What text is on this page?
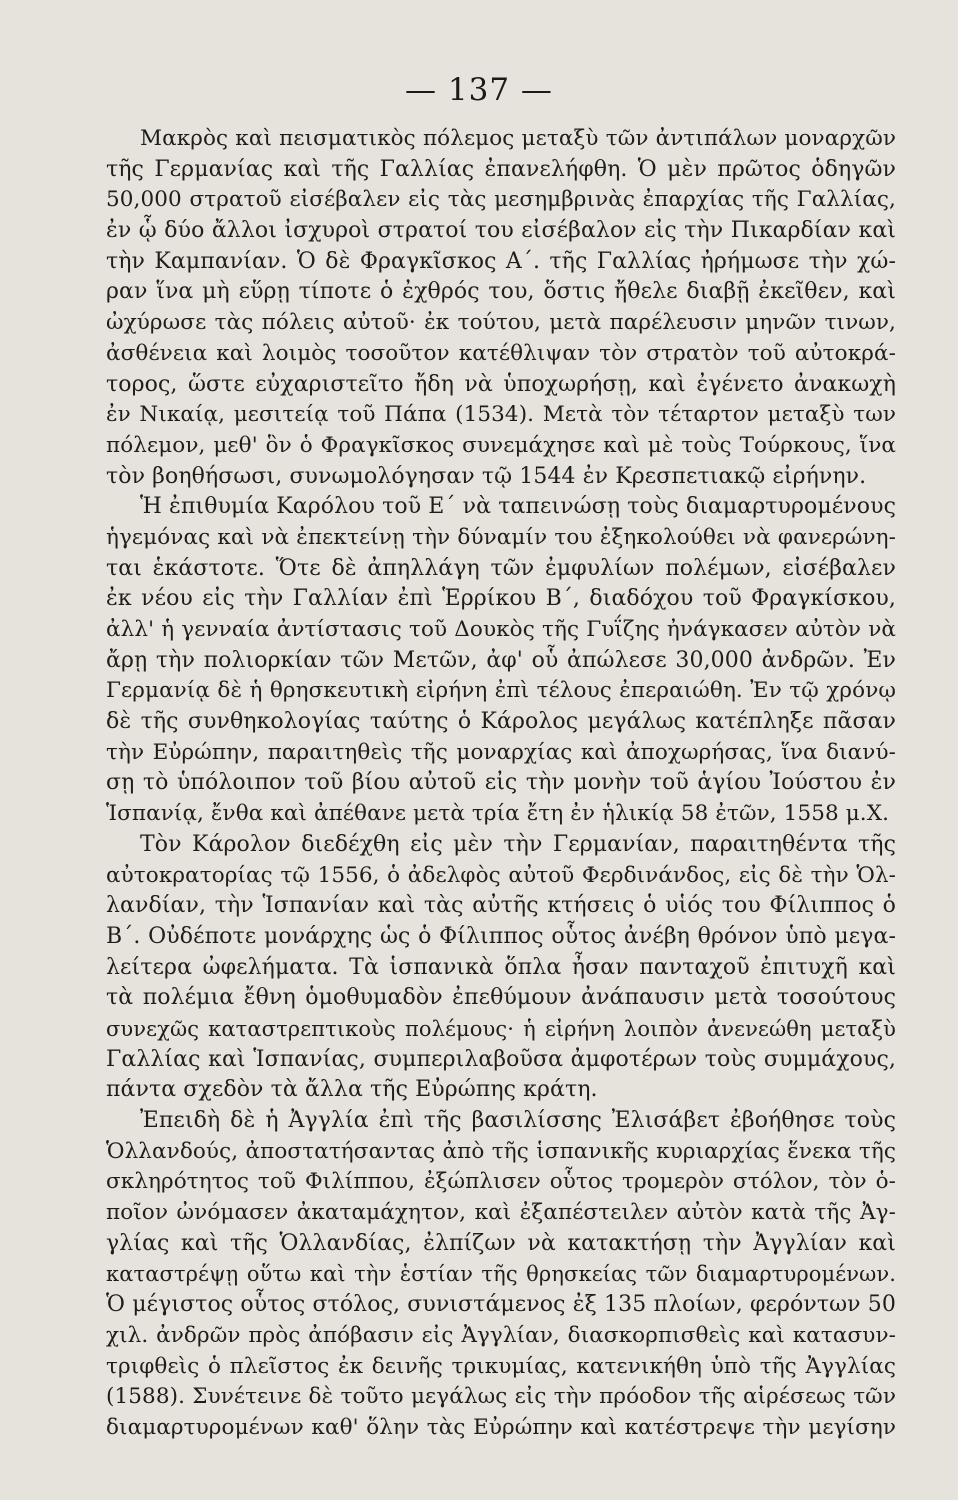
— 137 —
Μακρὸς καὶ πεισματικὸς πόλεμος μεταξὺ τῶν ἀντιπάλων μοναρχῶν
τῆς Γερμανίας καὶ τῆς Γαλλίας ἐπανελήφθη. Ὁ μὲν πρῶτος ὁδηγῶν
50,000 στρατοῦ εἰσέβαλεν εἰς τὰς μεσημβρινὰς ἐπαρχίας τῆς Γαλλίας,
ἐν ᾧ δύο ἄλλοι ἰσχυροὶ στρατοί του εἰσέβαλον εἰς τὴν Πικαρδίαν καὶ
τὴν Καμπανίαν. Ὁ δὲ Φραγκῖσκος Α΄. τῆς Γαλλίας ἠρήμωσε τὴν χώ-
ραν ἵνα μὴ εὕρῃ τίποτε ὁ ἐχθρός του, ὅστις ἤθελε διαβῇ ἐκεῖθεν, καὶ
ὠχύρωσε τὰς πόλεις αὐτοῦ· ἐκ τούτου, μετὰ παρέλευσιν μηνῶν τινων,
ἀσθένεια καὶ λοιμὸς τοσοῦτον κατέθλιψαν τὸν στρατὸν τοῦ αὐτοκρά-
τορος, ὥστε εὐχαριστεῖτο ἤδη νὰ ὑποχωρήσῃ, καὶ ἐγένετο ἀνακωχὴ
ἐν Νικαίᾳ, μεσιτείᾳ τοῦ Πάπα (1534). Μετὰ τὸν τέταρτον μεταξὺ των
πόλεμον, μεθ' ὃν ὁ Φραγκῖσκος συνεμάχησε καὶ μὲ τοὺς Τούρκους, ἵνα
τὸν βοηθήσωσι, συνωμολόγησαν τῷ 1544 ἐν Κρεσπετιακῷ εἰρήνην.
Ἡ ἐπιθυμία Καρόλου τοῦ Ε΄ νὰ ταπεινώσῃ τοὺς διαμαρτυρομένους
ἡγεμόνας καὶ νὰ ἐπεκτείνῃ τὴν δύναμίν του ἐξηκολούθει νὰ φανερώνη-
ται ἑκάστοτε. Ὅτε δὲ ἀπηλλάγη τῶν ἐμφυλίων πολέμων, εἰσέβαλεν
ἐκ νέου εἰς τὴν Γαλλίαν ἐπὶ Ἑρρίκου Β΄, διαδόχου τοῦ Φραγκίσκου,
ἀλλ' ἡ γενναία ἀντίστασις τοῦ Δουκὸς τῆς Γυΐζης ἠνάγκασεν αὐτὸν νὰ
ἄρῃ τὴν πολιορκίαν τῶν Μετῶν, ἀφ' οὗ ἀπώλεσε 30,000 ἀνδρῶν. Ἐν
Γερμανίᾳ δὲ ἡ θρησκευτικὴ εἰρήνη ἐπὶ τέλους ἐπεραιώθη. Ἐν τῷ χρόνῳ
δὲ τῆς συνθηκολογίας ταύτης ὁ Κάρολος μεγάλως κατέπληξε πᾶσαν
τὴν Εὐρώπην, παραιτηθεὶς τῆς μοναρχίας καὶ ἀποχωρήσας, ἵνα διανύ-
σῃ τὸ ὑπόλοιπον τοῦ βίου αὐτοῦ εἰς τὴν μονὴν τοῦ ἁγίου Ἰούστου ἐν
Ἱσπανίᾳ, ἔνθα καὶ ἀπέθανε μετὰ τρία ἔτη ἐν ἡλικίᾳ 58 ἐτῶν, 1558 μ.Χ.
Τὸν Κάρολον διεδέχθη εἰς μὲν τὴν Γερμανίαν, παραιτηθέντα τῆς
αὐτοκρατορίας τῷ 1556, ὁ ἀδελφὸς αὐτοῦ Φερδινάνδος, εἰς δὲ τὴν Ὁλ-
λανδίαν, τὴν Ἱσπανίαν καὶ τὰς αὐτῆς κτήσεις ὁ υἱός του Φίλιππος ὁ
Β΄. Οὐδέποτε μονάρχης ὡς ὁ Φίλιππος οὗτος ἀνέβη θρόνον ὑπὸ μεγα-
λείτερα ὠφελήματα. Τὰ ἱσπανικὰ ὅπλα ἦσαν πανταχοῦ ἐπιτυχῆ καὶ
τὰ πολέμια ἔθνη ὁμοθυμαδὸν ἐπεθύμουν ἀνάπαυσιν μετὰ τοσούτους
συνεχῶς καταστρεπτικοὺς πολέμους· ἡ εἰρήνη λοιπὸν ἀνενεώθη μεταξὺ
Γαλλίας καὶ Ἱσπανίας, συμπεριλαβοῦσα ἀμφοτέρων τοὺς συμμάχους,
πάντα σχεδὸν τὰ ἄλλα τῆς Εὐρώπης κράτη.
Ἐπειδὴ δὲ ἡ Ἀγγλία ἐπὶ τῆς βασιλίσσης Ἐλισάβετ ἐβοήθησε τοὺς
Ὁλλανδούς, ἀποστατήσαντας ἀπὸ τῆς ἱσπανικῆς κυριαρχίας ἕνεκα τῆς
σκληρότητος τοῦ Φιλίππου, ἐξώπλισεν οὗτος τρομερὸν στόλον, τὸν ὁ-
ποῖον ὠνόμασεν ἀκαταμάχητον, καὶ ἐξαπέστειλεν αὐτὸν κατὰ τῆς Ἀγ-
γλίας καὶ τῆς Ὁλλανδίας, ἐλπίζων νὰ κατακτήσῃ τὴν Ἀγγλίαν καὶ
καταστρέψῃ οὕτω καὶ τὴν ἑστίαν τῆς θρησκείας τῶν διαμαρτυρομένων.
Ὁ μέγιστος οὗτος στόλος, συνιστάμενος ἐξ 135 πλοίων, φερόντων 50
χιλ. ἀνδρῶν πρὸς ἀπόβασιν εἰς Ἀγγλίαν, διασκορπισθεὶς καὶ κατασυν-
τριφθεὶς ὁ πλεῖστος ἐκ δεινῆς τρικυμίας, κατενικήθη ὑπὸ τῆς Ἀγγλίας
(1588). Συνέτεινε δὲ τοῦτο μεγάλως εἰς τὴν πρόοδον τῆς αἱρέσεως τῶν
διαμαρτυρομένων καθ' ὅλην τὰς Εὐρώπην καὶ κατέστρεψε τὴν μεγίσην
